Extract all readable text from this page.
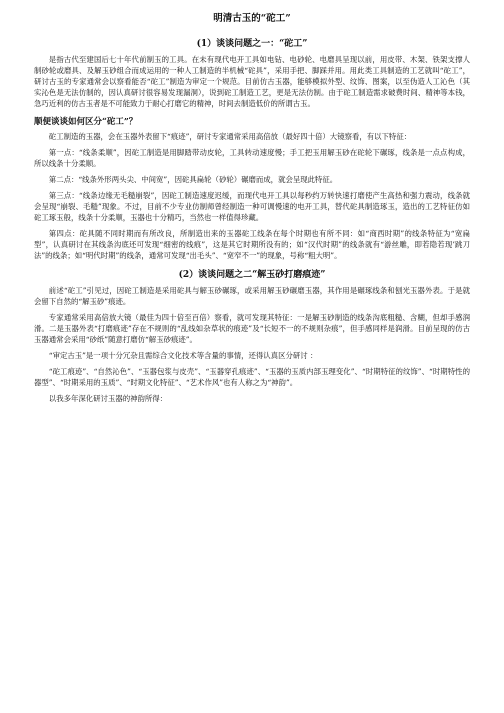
明清古玉的“砣工”
(1）谈谈问题之一：“砣工”
是指古代至建国后七十年代前制玉的工具。在未有现代电开工具如电钻、电砂轮、电磨具呈现以前，用皮带、木架、铁架支撑人制砂轮或磨具、及解玉砂组合而成运用的一种人工制造的半机械“砣具”，采用手把、脚踩并用。用此类工具制造的工艺就叫“砣工”，研讨古玉的专家通常会以察看能否“砣工”制造为审定一个规范。目前仿古玉器，能够模拟外型、纹饰、图案，以至伪造人工沁色（其实沁色是无法仿制的，因认真研讨很容易发现漏洞），说到砣工制造工艺，更是无法仿制。由于砣工制造需求破费时间、精神等本钱，急巧近利的仿古玉者是不可能致力于耐心打磨它的精神，时间去制造低价的所谓古玉。
顺便谈谈如何区分“砣工”？
砣工制造的玉器，会在玉器外表留下“痕迹”，研讨专家通常采用高倍放（最好四十倍）大镜察看，有以下特征：
第一点：“线条柔顺”，因砣工制造是用脚踏带动皮轮，工具转动速度慢；手工把玉用解玉砂在砣轮下碾琢，线条是一点点构成，所以线条十分柔顺。
第二点：“线条外形两头尖、中间宽”，因砣具扁轮（砂轮）碾磨而成，就会呈现此特征。
第三点：“线条边缘无毛糙崩裂”，因砣工制造速度迟缓，而现代电开工具以每秒约万转快速打磨使产生高热和强力震动，线条就会呈现“崩裂、毛糙”现象。不过，目前不少专业仿制师曾经制造一种可调慢速的电开工具，替代砣具制造琢玉，造出的工艺特征仿如砣工琢玉般，线条十分柔顺，玉器也十分精巧，当然也一样值得珍藏。
第四点：砣具随不同时期而有所改良，所制造出来的玉器砣工线条在每个时期也有所不同：如“商西时期”的线条特征为“宽扁型”，认真研讨在其线条沟底还可发现“细密的线痕”，这是其它时期所没有的；如“汉代时期”的线条就有“游丝雕，即若隐若现’跳刀法”的线条；如“明代时期”的线条，通常可发现“出毛头”、“宽窄不一”的现象，号称“粗大明”。
(2）谈谈问题之二“解玉砂打磨痕迹”
前述“砣工”引见过，因砣工制造是采用砣具与解玉砂碾琢，或采用解玉砂碾磨玉器，其作用是碾琢线条和刨光玉器外表。于是就会留下自然的“解玉砂”痕迹。
专家通常采用高倍放大镜（最佳为四十倍至百倍）察看，就可发现其特征：一是解玉砂制造的线条沟底粗糙、含糊，但却手感润滑。二是玉器外表“打磨痕迹”存在不规则的“乱线如杂草状的痕迹”及“长短不一的不规则杂痕”，但手感同样是润滑。目前呈现的仿古玉器通常会采用“砂纸”随意打磨仿“解玉砂痕迹”。
“审定古玉”是一项十分冗杂且需综合文化技术等含量的事情，还得认真区分研讨 ：
“砣工痕迹”、“自然沁色”、“玉器包浆与皮壳”、“玉器穿孔痕迹”、“玉器的玉质内部玉理变化”、“时期特征的纹饰”、“时期特性的器型”、“时期采用的玉质”、“时期文化特征”、“艺术作风”也有人称之为“神韵”。
以我多年深化研讨玉器的神韵所得：
